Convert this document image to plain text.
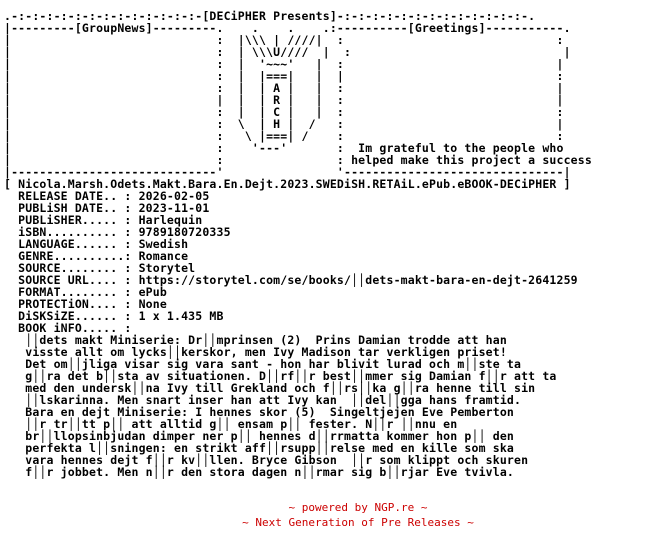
.-:-:-:-:-:-:-:-:-:-:-:-:-:-[DECiPHER Presents]-:-:-:-:-:-:-:-:-:-:-:-:-:-.
|---------[GroupNews]---------.    .    .    .:----------[Greetings]-----------.
|                             :  |\\\ | ////|  :                              :
|                             :  | \\\U////  |  :                              |
|                             :  |  '~~~'   |  :                              |
|                             :  |  |===|   |  |                              :
|                             :  |  | A |   |  :                              |
|                             |  |  | R |   |  :                              |
|                             :  |  | C |   |  :                              :
|                             :  \  | H |  /   :                              |
|                             :   \ |===| /    :                              :
|                             :    '---'       :  Im grateful to the people who
|                             :                : helped make this project a success
|-----------------------------'                '-------------------------------|
[ Nicola.Marsh.Odets.Makt.Bara.En.Dejt.2023.SWEDiSH.RETAiL.ePub.eBOOK-DECiPHER ]
RELEASE DATE.. : 2026-02-05
PUBLiSH DATE.. : 2023-11-01
PUBLiSHER..... : Harlequin
iSBN.......... : 9789180720335
LANGUAGE...... : Swedish
GENRE..........: Romance
SOURCE........ : Storytel
SOURCE URL.... : https://storytel.com/se/books/││dets-makt-bara-en-dejt-2641259
FORMAT........ : ePub
PROTECTiON.... : None
DiSKSiZE...... : 1 x 1.435 MB
BOOK iNFO..... :
││dets makt Miniserie: Dr││mprinsen (2)  Prins Damian trodde att han
visste allt om lycks││kerskor, men Ivy Madison tar verkligen priset!
Det om││jliga visar sig vara sant - hon har blivit lurad och m││ste ta
g││ra det b││sta av situationen. D││rf││r best││mmer sig Damian f││r att ta
med den undersk││na Ivy till Grekland och f││rs││ka g││ra henne till sin
││lskarinna. Men snart inser han att Ivy kan  ││del││gga hans framtid.
Bara en dejt Miniserie: I hennes skor (5)  Singeltjejen Eve Pemberton
││r tr││tt p││ att alltid g││ ensam p││ fester. N││r ││nnu en
br││llopsinbjudan dimper ner p││ hennes d││rrmatta kommer hon p││ den
perfekta l││sningen: en strikt aff││rsupp││relse med en kille som ska
vara hennes dejt f││r kv││llen. Bryce Gibson  ││r som klippt och skuren
f││r jobbet. Men n││r den stora dagen n││rmar sig b││rjar Eve tvivla.
~ powered by NGP.re ~
~ Next Generation of Pre Releases ~
